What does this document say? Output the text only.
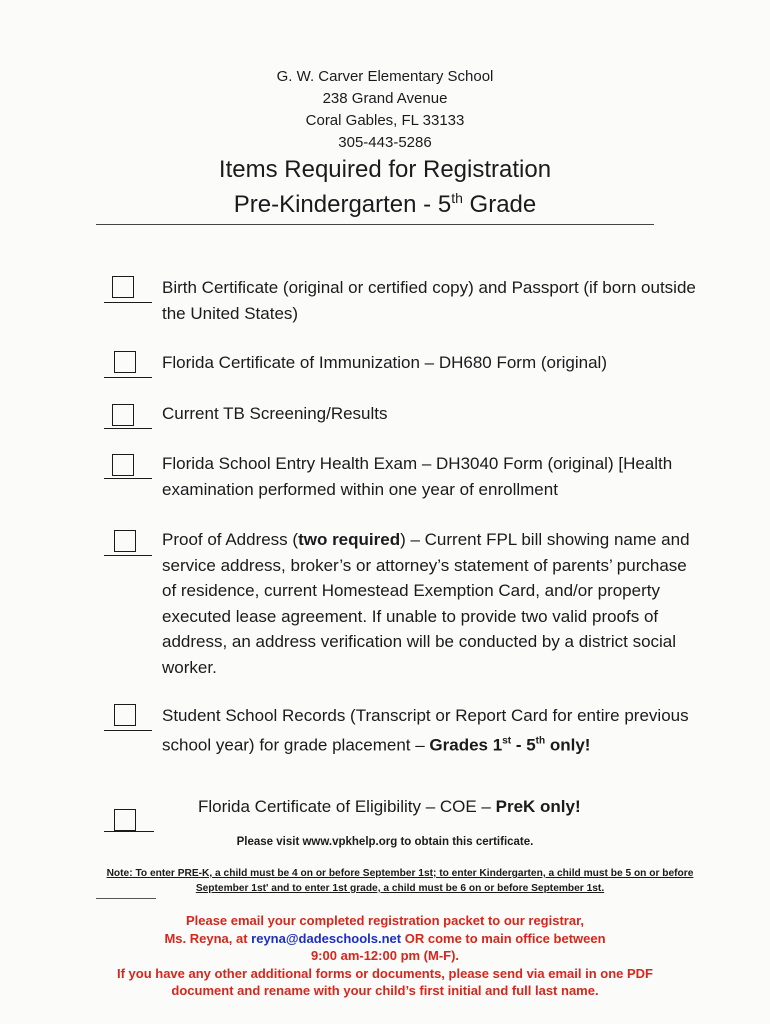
G. W. Carver Elementary School
238 Grand Avenue
Coral Gables, FL 33133
305-443-5286
Items Required for Registration
Pre-Kindergarten - 5th Grade
Birth Certificate (original or certified copy) and Passport (if born outside the United States)
Florida Certificate of Immunization – DH680 Form (original)
Current TB Screening/Results
Florida School Entry Health Exam – DH3040 Form (original) [Health examination performed within one year of enrollment
Proof of Address (two required) – Current FPL bill showing name and service address, broker’s or attorney’s statement of parents’ purchase of residence, current Homestead Exemption Card, and/or property executed lease agreement. If unable to provide two valid proofs of address, an address verification will be conducted by a district social worker.
Student School Records (Transcript or Report Card for entire previous school year) for grade placement – Grades 1st - 5th only!
Florida Certificate of Eligibility – COE – PreK only!
Please visit www.vpkhelp.org to obtain this certificate.
Note: To enter PRE-K, a child must be 4 on or before September 1st; to enter Kindergarten, a child must be 5 on or before
September 1st' and to enter 1st grade, a child must be 6 on or before September 1st.
Please email your completed registration packet to our registrar,
Ms. Reyna, at reyna@dadeschools.net OR come to main office between
9:00 am-12:00 pm (M-F).
If you have any other additional forms or documents, please send via email in one PDF
document and rename with your child’s first initial and full last name.
